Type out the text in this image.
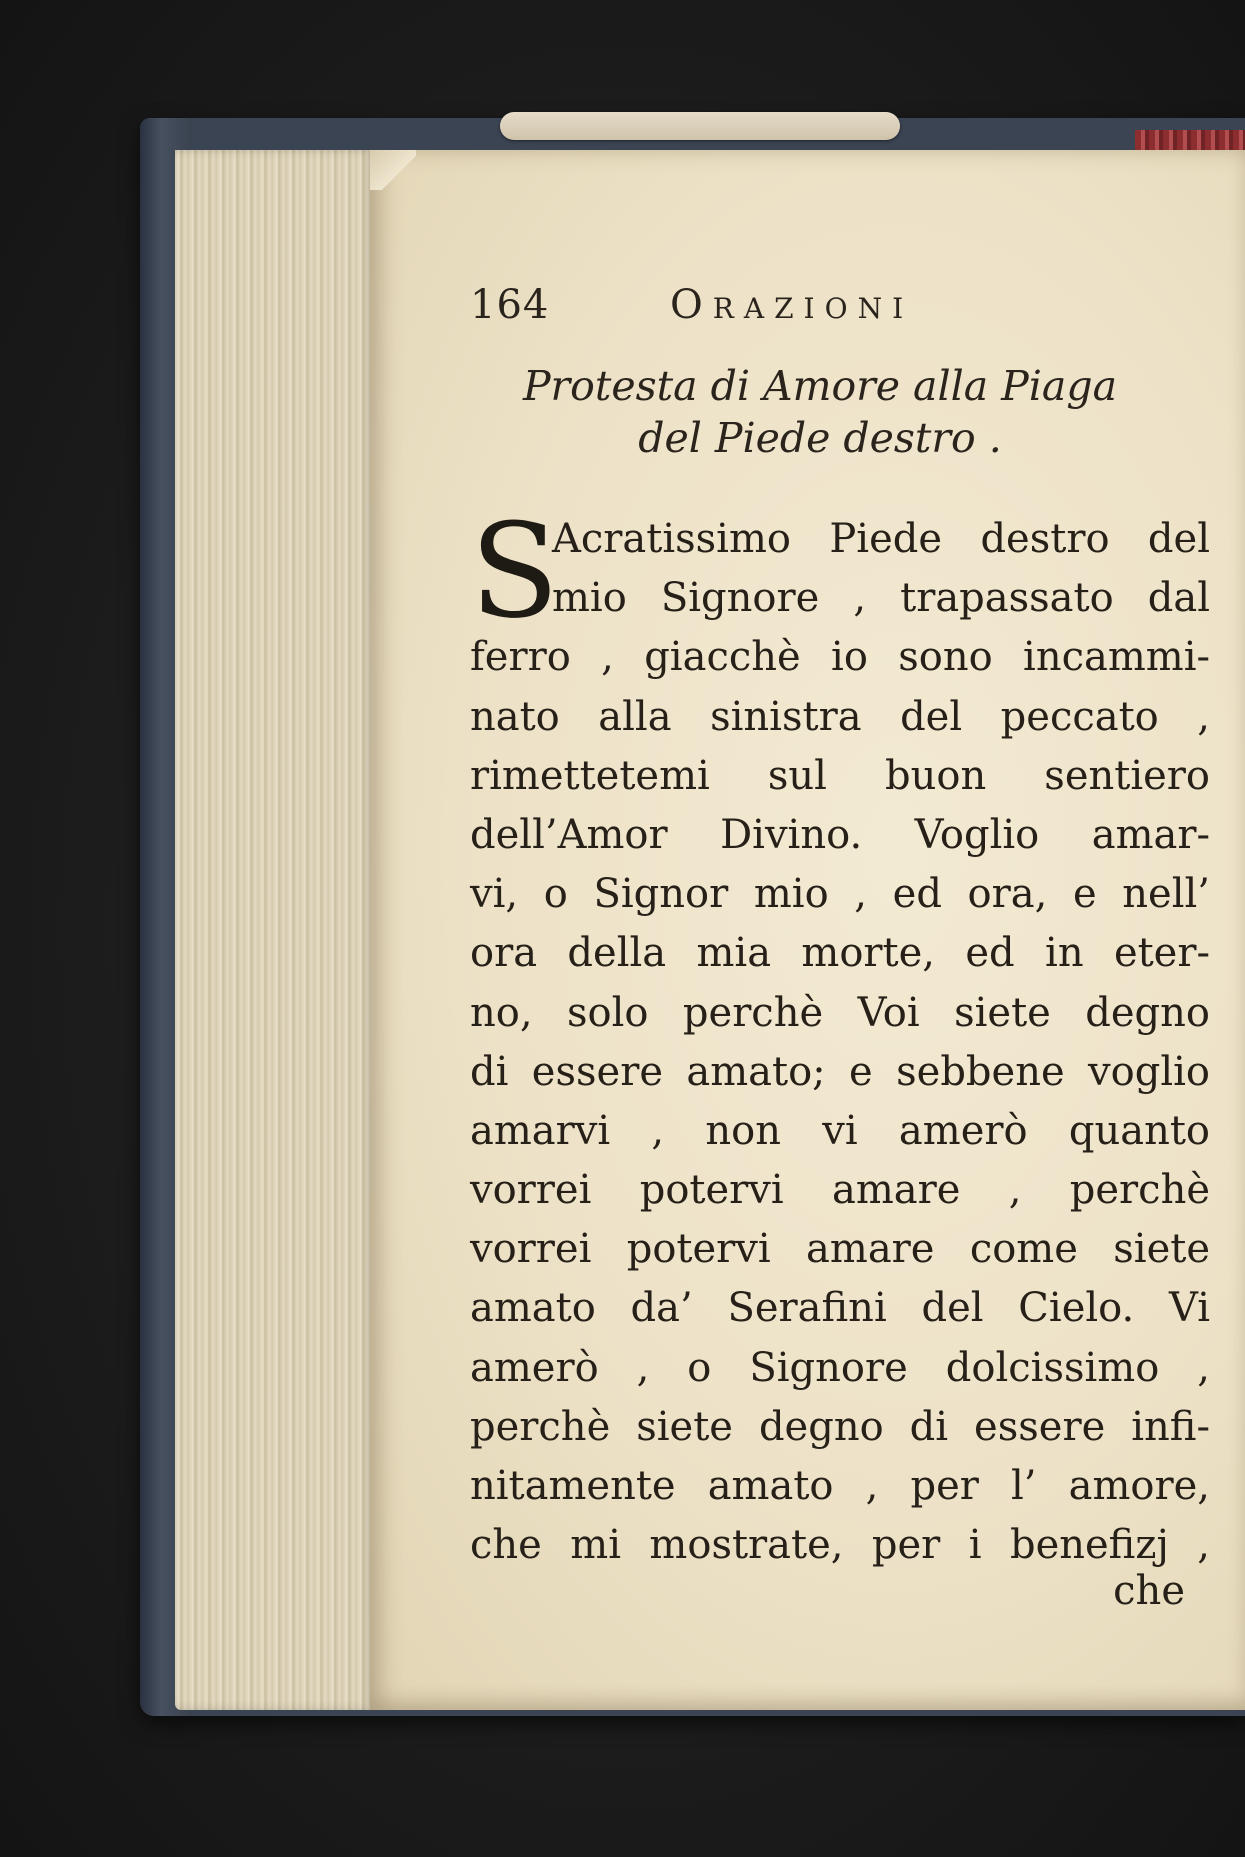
164	Orazioni
Protesta di Amore alla Piaga
del Piede destro .
S
Acratissimo Piede destro del
mio Signore , trapassato dal
ferro , giacchè io sono incammi-
nato alla sinistra del peccato ,
rimettetemi sul buon sentiero
dell’Amor Divino. Voglio amar-
vi, o Signor mio , ed ora, e nell’
ora della mia morte, ed in eter-
no, solo perchè Voi siete degno
di essere amato; e sebbene voglio
amarvi , non vi amerò quanto
vorrei potervi amare , perchè
vorrei potervi amare come siete
amato da’ Serafini del Cielo. Vi
amerò , o Signore dolcissimo ,
perchè siete degno di essere infi-
nitamente amato , per l’ amore,
che mi mostrate, per i benefizj ,
che
